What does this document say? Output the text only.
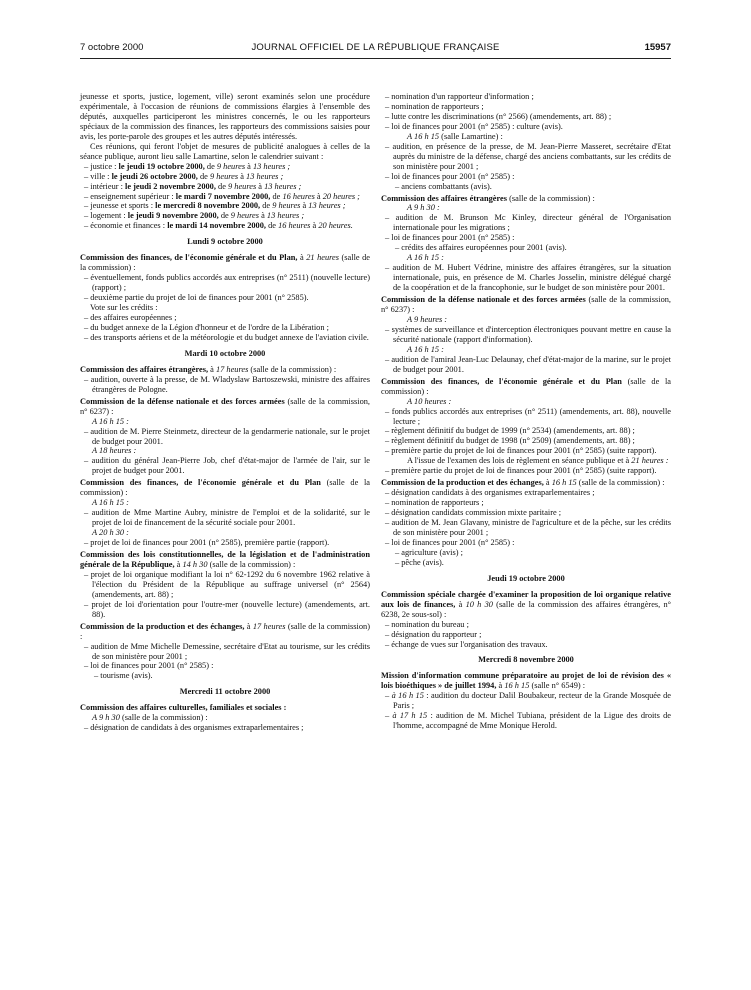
7 octobre 2000	JOURNAL OFFICIEL DE LA RÉPUBLIQUE FRANÇAISE	15957

jeunesse et sports, justice, logement, ville) seront examinés selon une procédure expérimentale, à l'occasion de réunions de commissions élargies à l'ensemble des députés, auxquelles participeront les ministres concernés, le ou les rapporteurs spéciaux de la commission des finances, les rapporteurs des commissions saisies pour avis, les porte-parole des groupes et les autres députés intéressés.

Ces réunions, qui feront l'objet de mesures de publicité analogues à celles de la séance publique, auront lieu salle Lamartine, selon le calendrier suivant :

– justice : le jeudi 19 octobre 2000, de 9 heures à 13 heures ;

– ville : le jeudi 26 octobre 2000, de 9 heures à 13 heures ;

– intérieur : le jeudi 2 novembre 2000, de 9 heures à 13 heures ;

– enseignement supérieur : le mardi 7 novembre 2000, de 16 heures à 20 heures ;

– jeunesse et sports : le mercredi 8 novembre 2000, de 9 heures à 13 heures ;

– logement : le jeudi 9 novembre 2000, de 9 heures à 13 heures ;

– économie et finances : le mardi 14 novembre 2000, de 16 heures à 20 heures.

Lundi 9 octobre 2000

Commission des finances, de l'économie générale et du Plan, à 21 heures (salle de la commission) :

– éventuellement, fonds publics accordés aux entreprises (n° 2511) (nouvelle lecture) (rapport) ;

– deuxième partie du projet de loi de finances pour 2001 (n° 2585).

Vote sur les crédits :

– des affaires européennes ;

– du budget annexe de la Légion d'honneur et de l'ordre de la Libération ;

– des transports aériens et de la météorologie et du budget annexe de l'aviation civile.

Mardi 10 octobre 2000

Commission des affaires étrangères, à 17 heures (salle de la commission) :

– audition, ouverte à la presse, de M. Wladyslaw Bartoszewski, ministre des affaires étrangères de Pologne.

Commission de la défense nationale et des forces armées (salle de la commission, n° 6237) :

A 16 h 15 :

– audition de M. Pierre Steinmetz, directeur de la gendarmerie nationale, sur le projet de budget pour 2001.

A 18 heures :

– audition du général Jean-Pierre Job, chef d'état-major de l'armée de l'air, sur le projet de budget pour 2001.

Commission des finances, de l'économie générale et du Plan (salle de la commission) :

A 16 h 15 :

– audition de Mme Martine Aubry, ministre de l'emploi et de la solidarité, sur le projet de loi de financement de la sécurité sociale pour 2001.

A 20 h 30 :

– projet de loi de finances pour 2001 (n° 2585), première partie (rapport).

Commission des lois constitutionnelles, de la législation et de l'administration générale de la République, à 14 h 30 (salle de la commission) :

– projet de loi organique modifiant la loi n° 62-1292 du 6 novembre 1962 relative à l'élection du Président de la République au suffrage universel (n° 2564) (amendements, art. 88) ;

– projet de loi d'orientation pour l'outre-mer (nouvelle lecture) (amendements, art. 88).

Commission de la production et des échanges, à 17 heures (salle de la commission) :

– audition de Mme Michelle Demessine, secrétaire d'Etat au tourisme, sur les crédits de son ministère pour 2001 ;

– loi de finances pour 2001 (n° 2585) :

– tourisme (avis).

Mercredi 11 octobre 2000

Commission des affaires culturelles, familiales et sociales :

A 9 h 30 (salle de la commission) :

– désignation de candidats à des organismes extraparlementaires ;

– nomination d'un rapporteur d'information ;

– nomination de rapporteurs ;

– lutte contre les discriminations (n° 2566) (amendements, art. 88) ;

– loi de finances pour 2001 (n° 2585) : culture (avis).

A 16 h 15 (salle Lamartine) :

– audition, en présence de la presse, de M. Jean-Pierre Masseret, secrétaire d'Etat auprès du ministre de la défense, chargé des anciens combattants, sur les crédits de son ministère pour 2001 ;

– loi de finances pour 2001 (n° 2585) :

– anciens combattants (avis).

Commission des affaires étrangères (salle de la commission) :

A 9 h 30 :

– audition de M. Brunson Mc Kinley, directeur général de l'Organisation internationale pour les migrations ;

– loi de finances pour 2001 (n° 2585) :

– crédits des affaires européennes pour 2001 (avis).

A 16 h 15 :

– audition de M. Hubert Védrine, ministre des affaires étrangères, sur la situation internationale, puis, en présence de M. Charles Josselin, ministre délégué chargé de la coopération et de la francophonie, sur le budget de son ministère pour 2001.

Commission de la défense nationale et des forces armées (salle de la commission, n° 6237) :

A 9 heures :

– systèmes de surveillance et d'interception électroniques pouvant mettre en cause la sécurité nationale (rapport d'information).

A 16 h 15 :

– audition de l'amiral Jean-Luc Delaunay, chef d'état-major de la marine, sur le projet de budget pour 2001.

Commission des finances, de l'économie générale et du Plan (salle de la commission) :

A 10 heures :

– fonds publics accordés aux entreprises (n° 2511) (amendements, art. 88), nouvelle lecture ;

– règlement définitif du budget de 1999 (n° 2534) (amendements, art. 88) ;

– règlement définitif du budget de 1998 (n° 2509) (amendements, art. 88) ;

– première partie du projet de loi de finances pour 2001 (n° 2585) (suite rapport).

A l'issue de l'examen des lois de règlement en séance publique et à 21 heures :

– première partie du projet de loi de finances pour 2001 (n° 2585) (suite rapport).

Commission de la production et des échanges, à 16 h 15 (salle de la commission) :

– désignation candidats à des organismes extraparlementaires ;

– nomination de rapporteurs ;

– désignation candidats commission mixte paritaire ;

– audition de M. Jean Glavany, ministre de l'agriculture et de la pêche, sur les crédits de son ministère pour 2001 ;

– loi de finances pour 2001 (n° 2585) :

– agriculture (avis) ;

– pêche (avis).

Jeudi 19 octobre 2000

Commission spéciale chargée d'examiner la proposition de loi organique relative aux lois de finances, à 10 h 30 (salle de la commission des affaires étrangères, n° 6238, 2e sous-sol) :

– nomination du bureau ;

– désignation du rapporteur ;

– échange de vues sur l'organisation des travaux.

Mercredi 8 novembre 2000

Mission d'information commune préparatoire au projet de loi de révision des « lois bioéthiques » de juillet 1994, à 16 h 15 (salle n° 6549) :

– à 16 h 15 : audition du docteur Dalil Boubakeur, recteur de la Grande Mosquée de Paris ;

– à 17 h 15 : audition de M. Michel Tubiana, président de la Ligue des droits de l'homme, accompagné de Mme Monique Herold.
